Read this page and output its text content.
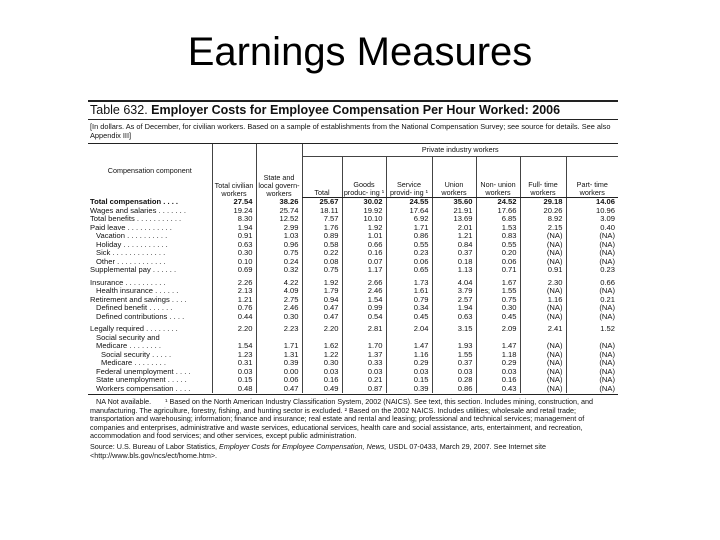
Earnings Measures
Table 632. Employer Costs for Employee Compensation Per Hour Worked: 2006
[In dollars. As of December, for civilian workers. Based on a sample of establishments from the National Compensation Survey; see source for details. See also Appendix III]
Compensation component	Total civilian workers	State and local govern- workers	Private industry workers						
			Total	Goods produc- ing ¹	Service provid- ing ¹	Union workers	Non- union workers	Full- time workers	Part- time workers
Total compensation . . . .	27.54	38.26	25.67	30.02	24.55	35.60	24.52	29.18	14.06
Wages and salaries . . . . . . .	19.24	25.74	18.11	19.92	17.64	21.91	17.66	20.26	10.96
Total benefits . . . . . . . . . . .	8.30	12.52	7.57	10.10	6.92	13.69	6.85	8.92	3.09
Paid leave . . . . . . . . . . .	1.94	2.99	1.76	1.92	1.71	2.01	1.53	2.15	0.40
Vacation . . . . . . . . . .	0.91	1.03	0.89	1.01	0.86	1.21	0.83	(NA)	(NA)
Holiday . . . . . . . . . . .	0.63	0.96	0.58	0.66	0.55	0.84	0.55	(NA)	(NA)
Sick . . . . . . . . . . . . .	0.30	0.75	0.22	0.16	0.23	0.37	0.20	(NA)	(NA)
Other . . . . . . . . . . . .	0.10	0.24	0.08	0.07	0.06	0.18	0.06	(NA)	(NA)
Supplemental pay . . . . . .	0.69	0.32	0.75	1.17	0.65	1.13	0.71	0.91	0.23
Insurance . . . . . . . . . .	2.26	4.22	1.92	2.66	1.73	4.04	1.67	2.30	0.66
Health insurance . . . . . .	2.13	4.09	1.79	2.46	1.61	3.79	1.55	(NA)	(NA)
Retirement and savings . . . .	1.21	2.75	0.94	1.54	0.79	2.57	0.75	1.16	0.21
Defined benefit . . . . . .	0.76	2.46	0.47	0.99	0.34	1.94	0.30	(NA)	(NA)
Defined contributions . . . .	0.44	0.30	0.47	0.54	0.45	0.63	0.45	(NA)	(NA)
Legally required . . . . . . . .	2.20	2.23	2.20	2.81	2.04	3.15	2.09	2.41	1.52
Social security and									
Medicare . . . . . . . .	1.54	1.71	1.62	1.70	1.47	1.93	1.47	(NA)	(NA)
Social security . . . . .	1.23	1.31	1.22	1.37	1.16	1.55	1.18	(NA)	(NA)
Medicare . . . . . . . .	0.31	0.39	0.30	0.33	0.29	0.37	0.29	(NA)	(NA)
Federal unemployment . . . .	0.03	0.00	0.03	0.03	0.03	0.03	0.03	(NA)	(NA)
State unemployment . . . . .	0.15	0.06	0.16	0.21	0.15	0.28	0.16	(NA)	(NA)
Workers compensation . . . .	0.48	0.47	0.49	0.87	0.39	0.86	0.43	(NA)	(NA)
NA Not available. ¹ Based on the North American Industry Classification System, 2002 (NAICS). See text, this section. Includes mining, construction, and manufacturing. The agriculture, forestry, fishing, and hunting sector is excluded. ² Based on the 2002 NAICS. Includes utilities; wholesale and retail trade; transportation and warehousing; information; finance and insurance; real estate and rental and leasing; professional and technical services; management of companies and enterprises, administrative and waste services, educational services, health care and social assistance, arts, entertainment, and recreation, accommodation and food services; and other services, except public administration.
Source: U.S. Bureau of Labor Statistics, Employer Costs for Employee Compensation, News, USDL 07-0433, March 29, 2007. See Internet site <http://www.bls.gov/ncs/ect/home.htm>.
